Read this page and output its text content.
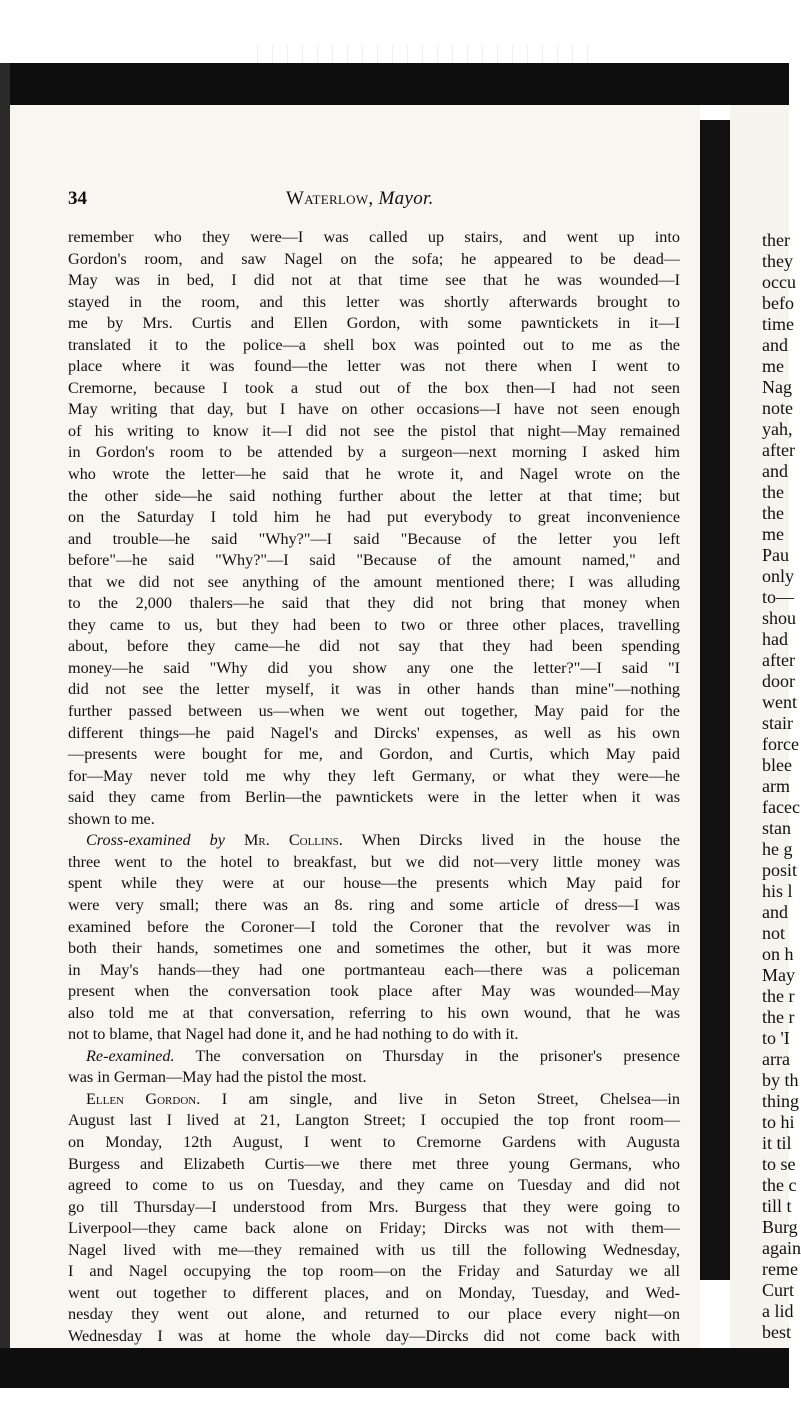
ther
they
occu
befo
time
and
me
Nag
note
yah,
after
and
the
the
me
Pau
only
to—
shou
had
after
door
went
stair
force
blee
arm
facec
stan
he g
posit
his l
and
not
on h
May
the r
the r
to 'I
arra
by th
thing
to hi
it til
to se
the c
till t
Burg
again
reme
Curt
a lid
best
34	Waterlow, Mayor.
remember who they were—I was called up stairs, and went up into
Gordon's room, and saw Nagel on the sofa; he appeared to be dead—
May was in bed, I did not at that time see that he was wounded—I
stayed in the room, and this letter was shortly afterwards brought to
me by Mrs. Curtis and Ellen Gordon, with some pawntickets in it—I
translated it to the police—a shell box was pointed out to me as the
place where it was found—the letter was not there when I went to
Cremorne, because I took a stud out of the box then—I had not seen
May writing that day, but I have on other occasions—I have not seen enough
of his writing to know it—I did not see the pistol that night—May remained
in Gordon's room to be attended by a surgeon—next morning I asked him
who wrote the letter—he said that he wrote it, and Nagel wrote on the
the other side—he said nothing further about the letter at that time; but
on the Saturday I told him he had put everybody to great inconvenience
and trouble—he said "Why?"—I said "Because of the letter you left
before"—he said "Why?"—I said "Because of the amount named," and
that we did not see anything of the amount mentioned there; I was alluding
to the 2,000 thalers—he said that they did not bring that money when
they came to us, but they had been to two or three other places, travelling
about, before they came—he did not say that they had been spending
money—he said "Why did you show any one the letter?"—I said "I
did not see the letter myself, it was in other hands than mine"—nothing
further passed between us—when we went out together, May paid for the
different things—he paid Nagel's and Dircks' expenses, as well as his own
—presents were bought for me, and Gordon, and Curtis, which May paid
for—May never told me why they left Germany, or what they were—he
said they came from Berlin—the pawntickets were in the letter when it was
shown to me.
Cross-examined by Mr. Collins. When Dircks lived in the house the
three went to the hotel to breakfast, but we did not—very little money was
spent while they were at our house—the presents which May paid for
were very small; there was an 8s. ring and some article of dress—I was
examined before the Coroner—I told the Coroner that the revolver was in
both their hands, sometimes one and sometimes the other, but it was more
in May's hands—they had one portmanteau each—there was a policeman
present when the conversation took place after May was wounded—May
also told me at that conversation, referring to his own wound, that he was
not to blame, that Nagel had done it, and he had nothing to do with it.
Re-examined. The conversation on Thursday in the prisoner's presence
was in German—May had the pistol the most.
Ellen Gordon. I am single, and live in Seton Street, Chelsea—in
August last I lived at 21, Langton Street; I occupied the top front room—
on Monday, 12th August, I went to Cremorne Gardens with Augusta
Burgess and Elizabeth Curtis—we there met three young Germans, who
agreed to come to us on Tuesday, and they came on Tuesday and did not
go till Thursday—I understood from Mrs. Burgess that they were going to
Liverpool—they came back alone on Friday; Dircks was not with them—
Nagel lived with me—they remained with us till the following Wednesday,
I and Nagel occupying the top room—on the Friday and Saturday we all
went out together to different places, and on Monday, Tuesday, and Wed-
nesday they went out alone, and returned to our place every night—on
Wednesday I was at home the whole day—Dircks did not come back with
